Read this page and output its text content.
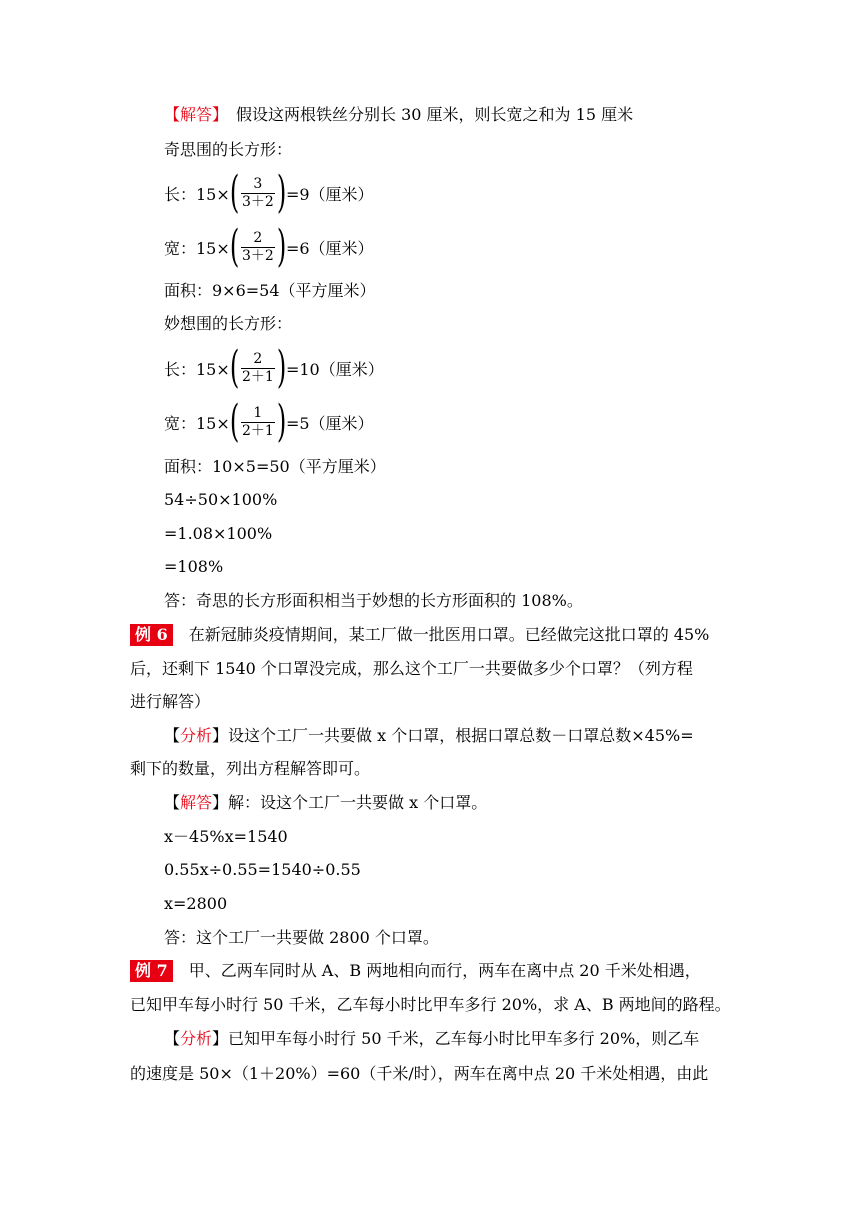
【解答】　假设这两根铁丝分别长 30 厘米，则长宽之和为 15 厘米
奇思围的长方形：
长：15× ( $\frac{3}{3+2}$ ) =9（厘米）
宽：15× ( $\frac{2}{3+2}$ ) =6（厘米）
面积：9×6=54（平方厘米）
妙想围的长方形：
长：15× ( $\frac{2}{2+1}$ ) =10（厘米）
宽：15× ( $\frac{1}{2+1}$ ) =5（厘米）
面积：10×5=50（平方厘米）
54÷50×100%
=1.08×100%
=108%
答：奇思的长方形面积相当于妙想的长方形面积的 108%。
例 6　在新冠肺炎疫情期间，某工厂做一批医用口罩。已经做完这批口罩的 45%
后，还剩下 1540 个口罩没完成，那么这个工厂一共要做多少个口罩？（列方程
进行解答）
【分析】设这个工厂一共要做 x 个口罩，根据口罩总数－口罩总数×45%=
剩下的数量，列出方程解答即可。
【解答】解：设这个工厂一共要做 x 个口罩。
x－45%x=1540
0.55x÷0.55=1540÷0.55
x=2800
答：这个工厂一共要做 2800 个口罩。
例 7　甲、乙两车同时从 A、B 两地相向而行，两车在离中点 20 千米处相遇，
已知甲车每小时行 50 千米，乙车每小时比甲车多行 20%，求 A、B 两地间的路程。
【分析】已知甲车每小时行 50 千米，乙车每小时比甲车多行 20%，则乙车
的速度是 50×（1＋20%）=60（千米/时），两车在离中点 20 千米处相遇，由此
